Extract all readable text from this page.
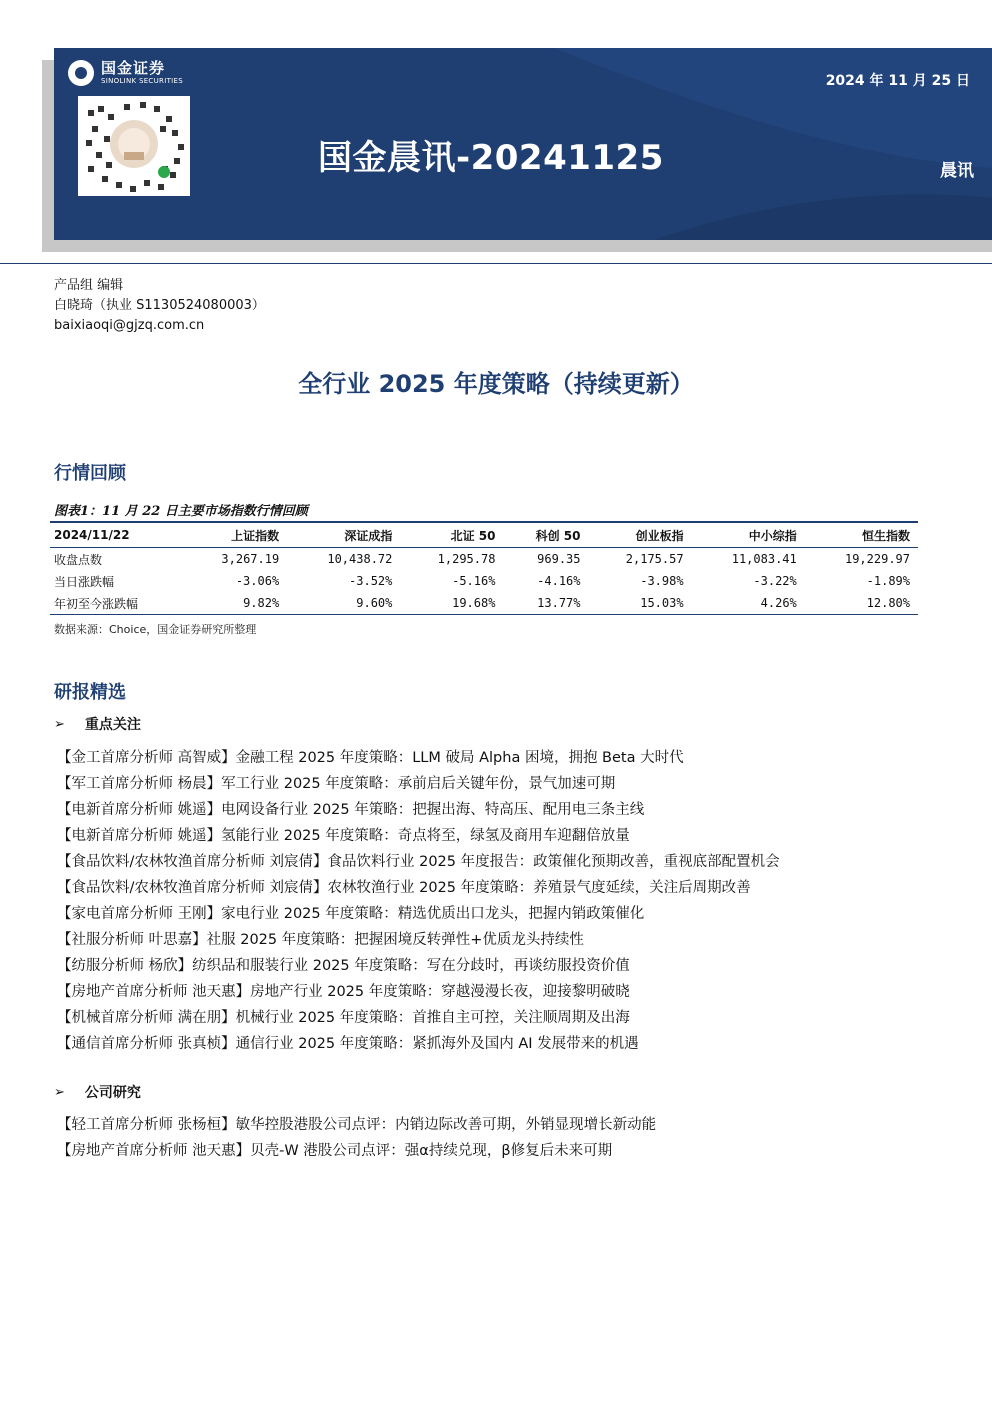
国金证券
SINOLINK SECURITIES	2024 年 11 月 25 日
国金晨讯-20241125	晨讯
产品组 编辑
白晓琦（执业 S1130524080003）
baixiaoqi@gjzq.com.cn
全行业 2025 年度策略（持续更新）
行情回顾
图表1：11 月 22 日主要市场指数行情回顾
2024/11/22	上证指数	深证成指	北证 50	科创 50	创业板指	中小综指	恒生指数
收盘点数	3,267.19	10,438.72	1,295.78	969.35	2,175.57	11,083.41	19,229.97
当日涨跌幅	-3.06%	-3.52%	-5.16%	-4.16%	-3.98%	-3.22%	-1.89%
年初至今涨跌幅	9.82%	9.60%	19.68%	13.77%	15.03%	4.26%	12.80%
数据来源：Choice，国金证券研究所整理
研报精选
➢ 重点关注
【金工首席分析师 高智威】金融工程 2025 年度策略：LLM 破局 Alpha 困境，拥抱 Beta 大时代
【军工首席分析师 杨晨】军工行业 2025 年度策略：承前启后关键年份，景气加速可期
【电新首席分析师 姚遥】电网设备行业 2025 年策略：把握出海、特高压、配用电三条主线
【电新首席分析师 姚遥】氢能行业 2025 年度策略：奇点将至，绿氢及商用车迎翻倍放量
【食品饮料/农林牧渔首席分析师 刘宸倩】食品饮料行业 2025 年度报告：政策催化预期改善，重视底部配置机会
【食品饮料/农林牧渔首席分析师 刘宸倩】农林牧渔行业 2025 年度策略：养殖景气度延续，关注后周期改善
【家电首席分析师 王刚】家电行业 2025 年度策略：精选优质出口龙头，把握内销政策催化
【社服分析师 叶思嘉】社服 2025 年度策略：把握困境反转弹性+优质龙头持续性
【纺服分析师 杨欣】纺织品和服装行业 2025 年度策略：写在分歧时，再谈纺服投资价值
【房地产首席分析师 池天惠】房地产行业 2025 年度策略：穿越漫漫长夜，迎接黎明破晓
【机械首席分析师 满在朋】机械行业 2025 年度策略：首推自主可控，关注顺周期及出海
【通信首席分析师 张真桢】通信行业 2025 年度策略：紧抓海外及国内 AI 发展带来的机遇
➢ 公司研究
【轻工首席分析师 张杨桓】敏华控股港股公司点评：内销边际改善可期，外销显现增长新动能
【房地产首席分析师 池天惠】贝壳-W 港股公司点评：强α持续兑现，β修复后未来可期
